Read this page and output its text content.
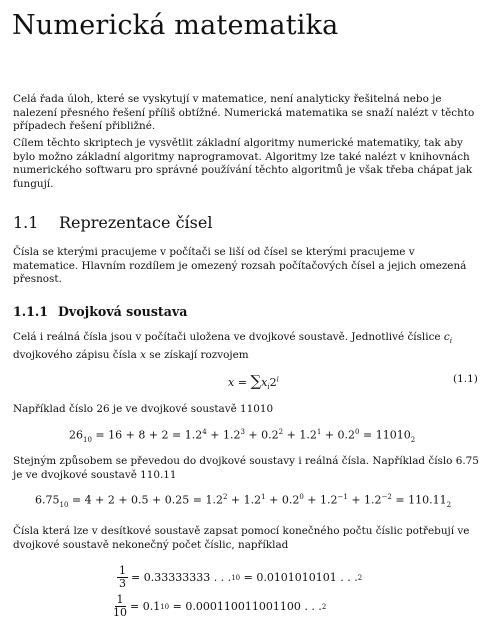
Numerická matematika
Celá řada úloh, které se vyskytují v matematice, není analyticky řešitelná nebo je nalezení přesného řešení příliš obtížné. Numerická matematika se snaží nalézt v těchto případech řešení přibližné.
Cílem těchto skriptech je vysvětlit základní algoritmy numerické matematiky, tak aby bylo možno základní algoritmy naprogramovat. Algoritmy lze také nalézt v knihovnách numerického softwaru pro správné používání těchto algoritmů je však třeba chápat jak fungují.
1.1 Reprezentace čísel
Čísla se kterými pracujeme v počítači se liší od čísel se kterými pracujeme v matematice. Hlavním rozdílem je omezený rozsah počítačových čísel a jejich omezená přesnost.
1.1.1 Dvojková soustava
Celá i reálná čísla jsou v počítači uložena ve dvojkové soustavě. Jednotlivé číslice $c_i$ dvojkového zápisu čísla x se získají rozvojem
$x = \sum x_i2^i$	(1.1)
Například číslo 26 je ve dvojkové soustavě 11010
$26_{10} = 16 + 8 + 2 = 1.2^4 + 1.2^3 + 0.2^2 + 1.2^1 + 0.2^0 = 11010_2$
Stejným způsobem se převedou do dvojkové soustavy i reálná čísla. Například číslo 6.75 je ve dvojkové soustavě 110.11
$6.75_{10} = 4 + 2 + 0.5 + 0.25 = 1.2^2 + 1.2^1 + 0.2^0 + 1.2^{-1} + 1.2^{-2} = 110.11_2$
Čísla která lze v desítkové soustavě zapsat pomocí konečného počtu číslic potřebují ve dvojkové soustavě nekonečný počet číslic, například
$\frac{1}{3} = 0.33333333$ . . . 10 = 0.0101010101 . . . 2
$\frac{1}{10} = 0.1$ 10 = 0.000110011001100 . . . 2
